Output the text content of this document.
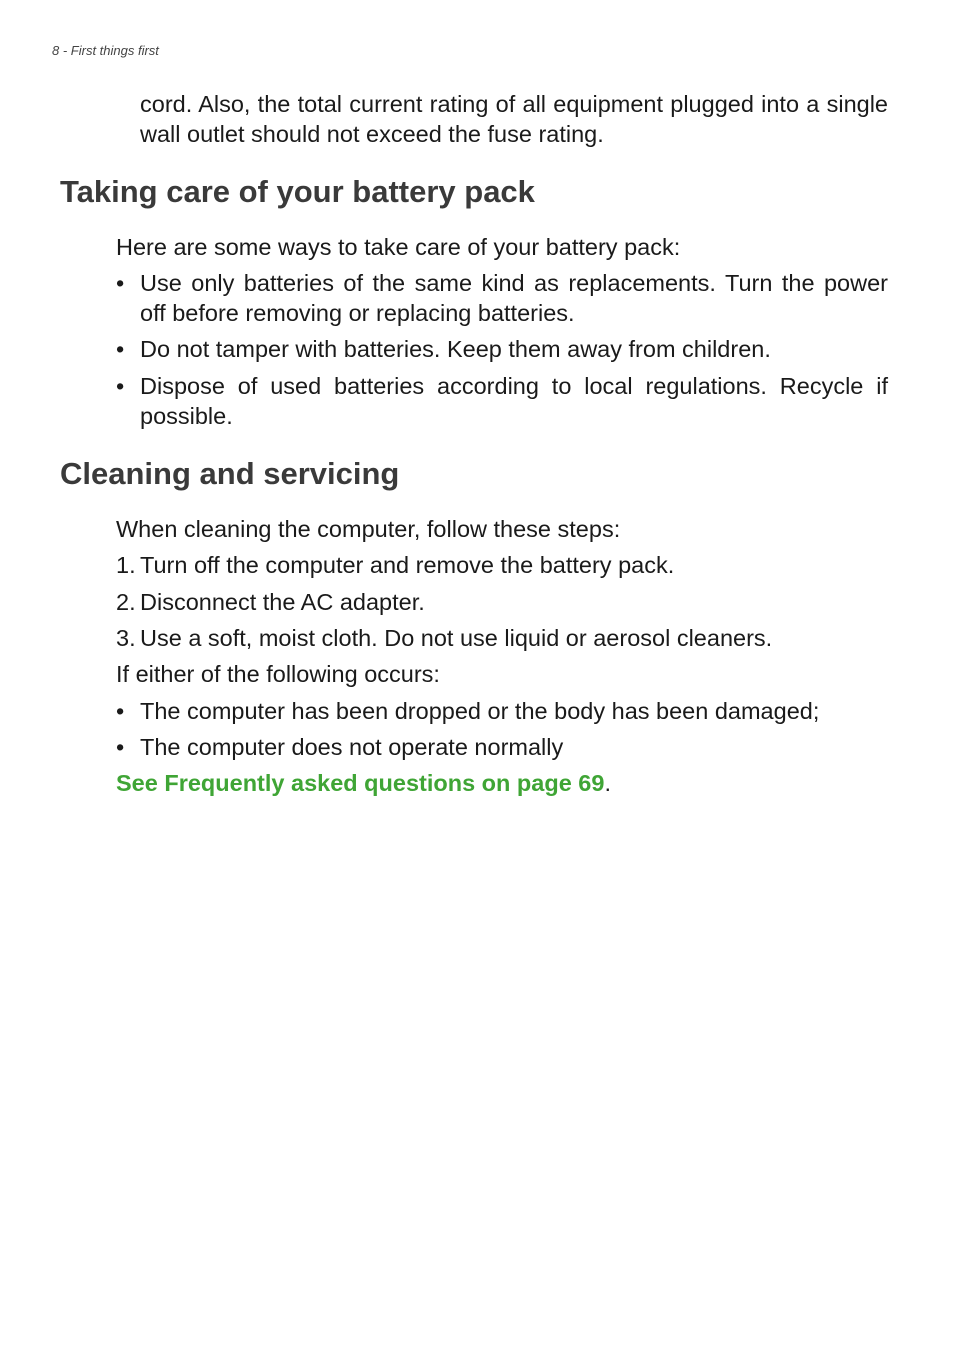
8 - First things first
cord. Also, the total current rating of all equipment plugged into a single wall outlet should not exceed the fuse rating.
Taking care of your battery pack
Here are some ways to take care of your battery pack:
• Use only batteries of the same kind as replacements. Turn the power off before removing or replacing batteries.
• Do not tamper with batteries. Keep them away from children.
• Dispose of used batteries according to local regulations. Recycle if possible.
Cleaning and servicing
When cleaning the computer, follow these steps:
1. Turn off the computer and remove the battery pack.
2. Disconnect the AC adapter.
3. Use a soft, moist cloth. Do not use liquid or aerosol cleaners.
If either of the following occurs:
• The computer has been dropped or the body has been damaged;
• The computer does not operate normally
See Frequently asked questions on page 69.
